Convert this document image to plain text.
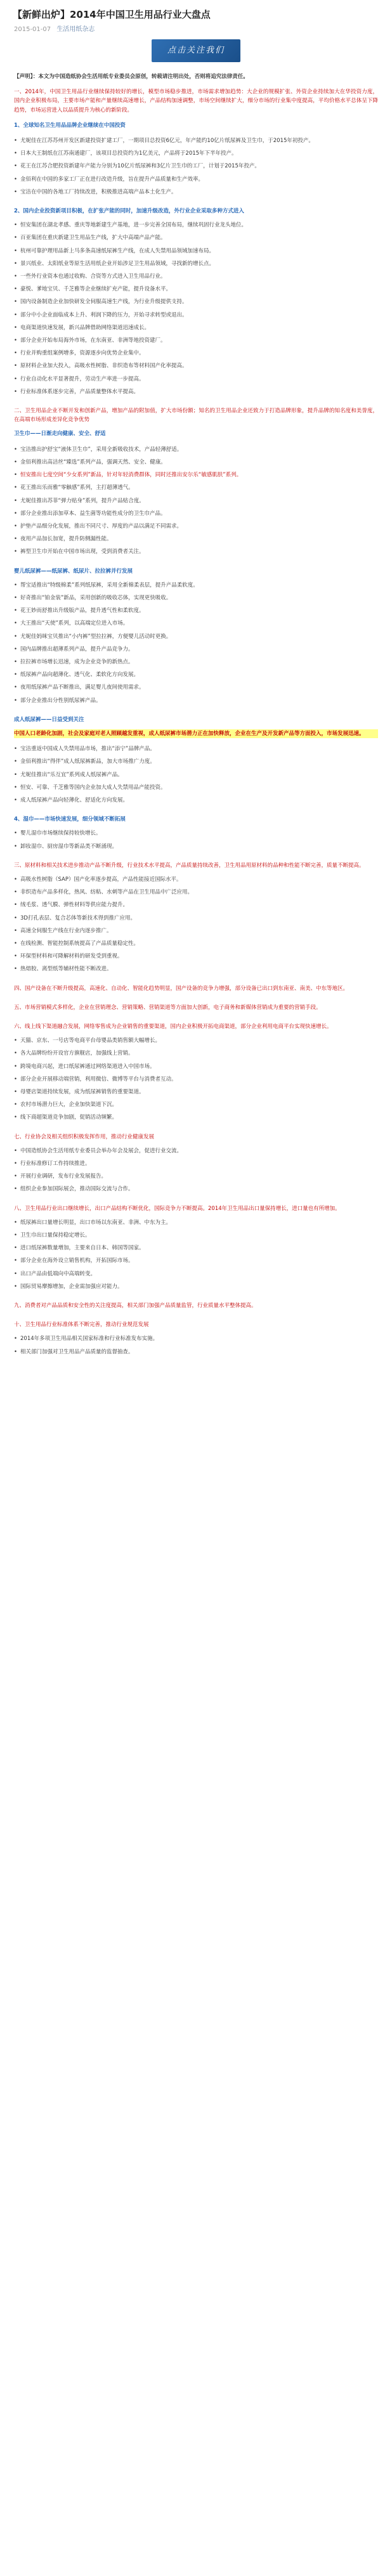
【新鲜出炉】2014年中国卫生用品行业大盘点
2015-01-07 生活用纸杂志
点击关注我们

【声明】：本文为中国造纸协会生活用纸专业委员会原创，转载请注明出处，否则将追究法律责任。

一、2014年，中国卫生用品行业继续保持较好的增长，模型市场稳步推进，市场需求增加趋势：大企业的规模扩张、外资企业持续加大在华投资力度，国内企业积极布局，主要市场产能和产量继续高速增长，产品结构加速调整，市场空间继续扩大，细分市场的行业集中度提高，平均价格水平总体呈下降趋势，市场运营进入以品质提升为核心的新阶段。

1、全球知名卫生用品品牌企业继续在中国投资

• 尤妮佳在江苏苏州开发区新建投资扩建工厂，一期项目总投资6亿元，年产能约10亿片纸尿裤及卫生巾，于2015年初投产。
• 日本大王制纸在江苏南通建厂，该项目总投资约为1亿美元，产品将于2015年下半年投产。
• 花王在江苏合肥投资新建年产能力分别为10亿片纸尿裤和3亿片卫生巾的工厂，计划于2015年投产。
• 金佰利在中国的多家工厂正在进行改造升级，旨在提升产品质量和生产效率。
• 宝洁在中国的各地工厂持续改进，积极推进高端产品本土化生产。

2、国内企业投资新项目积极，在扩张产能的同时，加速升级改造，外行业企业采取多种方式进入

• 恒安集团在湖北孝感、重庆等地新建生产基地，进一步完善全国布局，继续巩固行业龙头地位。
• 百亚集团在重庆新建卫生用品生产线，扩大中高端产品产能。
• 杭州可靠护理用品新上马多条高速纸尿裤生产线，在成人失禁用品领域加速布局。
• 景兴纸业、太阳纸业等原生活用纸企业开始涉足卫生用品领域，寻找新的增长点。
• 一些外行业资本也通过收购、合资等方式进入卫生用品行业。
• 豪悦、爹地宝贝、千芝雅等企业继续扩充产能，提升设备水平。
• 国内设备制造企业加快研发全伺服高速生产线，为行业升级提供支持。
• 部分中小企业面临成本上升、利润下降的压力，开始寻求转型或退出。
• 电商渠道快速发展，新兴品牌借助网络渠道迅速成长。
• 部分企业开始布局海外市场，在东南亚、非洲等地投资建厂。
• 行业并购重组案例增多，资源逐步向优势企业集中。
• 原材料企业加大投入，高吸水性树脂、非织造布等材料国产化率提高。
• 行业自动化水平显著提升，劳动生产率进一步提高。
• 行业标准体系逐步完善，产品质量整体水平提高。

二、卫生用品企业不断开发和创新产品，增加产品的附加值，扩大市场份额；知名的卫生用品企业还致力于打造品牌形象，提升品牌的知名度和美誉度，在高端市场形成差异化竞争优势

卫生巾——日渐走向健康、安全、舒适

• 宝洁推出护舒宝“液体卫生巾”，采用全新吸收技术，产品轻薄舒适。
• 金佰利推出高洁丝“臻选”系列产品，强调天然、安全、健康。
• 恒安推出七度空间“少女系列”新品，针对年轻消费群体，同时还推出安尔乐“敏感肌肤”系列。
• 花王推出乐而雅“零触感”系列，主打超薄透气。
• 尤妮佳推出苏菲“弹力贴身”系列，提升产品贴合度。
• 部分企业推出添加草本、益生菌等功能性成分的卫生巾产品。
• 护垫产品细分化发展，推出不同尺寸、厚度的产品以满足不同需求。
• 夜用产品加长加宽，提升防侧漏性能。
• 裤型卫生巾开始在中国市场出现，受到消费者关注。

婴儿纸尿裤——纸尿裤、纸尿片、拉拉裤并行发展

• 帮宝适推出“特级棉柔”系列纸尿裤，采用全新棉柔表层，提升产品柔软度。
• 好奇推出“铂金装”新品，采用创新的吸收芯体，实现更快吸收。
• 花王妙而舒推出升级版产品，提升透气性和柔软度。
• 大王推出“天使”系列，以高端定位进入市场。
• 尤妮佳妈咪宝贝推出“小内裤”型拉拉裤，方便婴儿活动时更换。
• 国内品牌推出超薄系列产品，提升产品竞争力。
• 拉拉裤市场增长迅速，成为企业竞争的新热点。
• 纸尿裤产品向超薄化、透气化、柔软化方向发展。
• 夜用纸尿裤产品不断推出，满足婴儿夜间使用需求。
• 部分企业推出分性别纸尿裤产品。

成人纸尿裤——日益受到关注

中国人口老龄化加剧，社会及家庭对老人照顾越发重视，成人纸尿裤市场潜力正在加快释放，企业在生产及开发新产品等方面投入，市场发展迅速。

• 宝洁重返中国成人失禁用品市场，推出“添宁”品牌产品。
• 金佰利推出“得伴”成人纸尿裤新品，加大市场推广力度。
• 尤妮佳推出“乐互宜”系列成人纸尿裤产品。
• 恒安、可靠、千芝雅等国内企业加大成人失禁用品产能投资。
• 成人纸尿裤产品向轻薄化、舒适化方向发展。

4、湿巾——市场快速发展，细分领域不断拓展

• 婴儿湿巾市场继续保持较快增长。
• 卸妆湿巾、厨房湿巾等新品类不断涌现。

三、原材料和相关技术进步推动产品不断升级，行业技术水平提高，产品质量持续改善，卫生用品用原材料的品种和性能不断完善，质量不断提高。

• 高吸水性树脂（SAP）国产化率逐步提高，产品性能接近国际水平。
• 非织造布产品多样化，热风、纺粘、水刺等产品在卫生用品中广泛应用。
• 绒毛浆、透气膜、弹性材料等供应能力提升。
• 3D打孔表层、复合芯体等新技术得到推广应用。
• 高速全伺服生产线在行业内逐步推广。
• 在线检测、智能控制系统提高了产品质量稳定性。
• 环保型材料和可降解材料的研发受到重视。
• 热熔胶、离型纸等辅材性能不断改进。

四、国产设备在不断升级提高，高速化、自动化、智能化趋势明显，国产设备的竞争力增强，部分设备已出口到东南亚、南美、中东等地区。

五、市场营销模式多样化，企业在营销理念、营销策略、营销渠道等方面加大创新，电子商务和新媒体营销成为重要的营销手段。

六、线上线下渠道融合发展，网络零售成为企业销售的重要渠道，国内企业积极开拓电商渠道，部分企业利用电商平台实现快速增长。

• 天猫、京东、一号店等电商平台母婴品类销售额大幅增长。
• 各大品牌纷纷开设官方旗舰店，加强线上营销。
• 跨境电商兴起，进口纸尿裤通过网络渠道进入中国市场。
• 部分企业开展移动端营销，利用微信、微博等平台与消费者互动。
• 母婴店渠道持续发展，成为纸尿裤销售的重要渠道。
• 农村市场潜力巨大，企业加快渠道下沉。
• 线下商超渠道竞争加剧，促销活动频繁。

七、行业协会及相关组织积极发挥作用，推动行业健康发展

• 中国造纸协会生活用纸专业委员会举办年会及展会，促进行业交流。
• 行业标准修订工作持续推进。
• 开展行业调研，发布行业发展报告。
• 组织企业参加国际展会，推动国际交流与合作。

八、卫生用品行业出口继续增长，出口产品结构不断优化，国际竞争力不断提高。2014年卫生用品出口量保持增长，进口量也有所增加。

• 纸尿裤出口量增长明显，出口市场以东南亚、非洲、中东为主。
• 卫生巾出口量保持稳定增长。
• 进口纸尿裤数量增加，主要来自日本、韩国等国家。
• 部分企业在海外设立销售机构，开拓国际市场。
• 出口产品由低端向中高端转变。
• 国际贸易摩擦增加，企业需加强应对能力。

九、消费者对产品品质和安全性的关注度提高，相关部门加强产品质量监管，行业质量水平整体提高。

十、卫生用品行业标准体系不断完善，推动行业规范发展

• 2014年多项卫生用品相关国家标准和行业标准发布实施。
• 相关部门加强对卫生用品产品质量的监督抽查。
